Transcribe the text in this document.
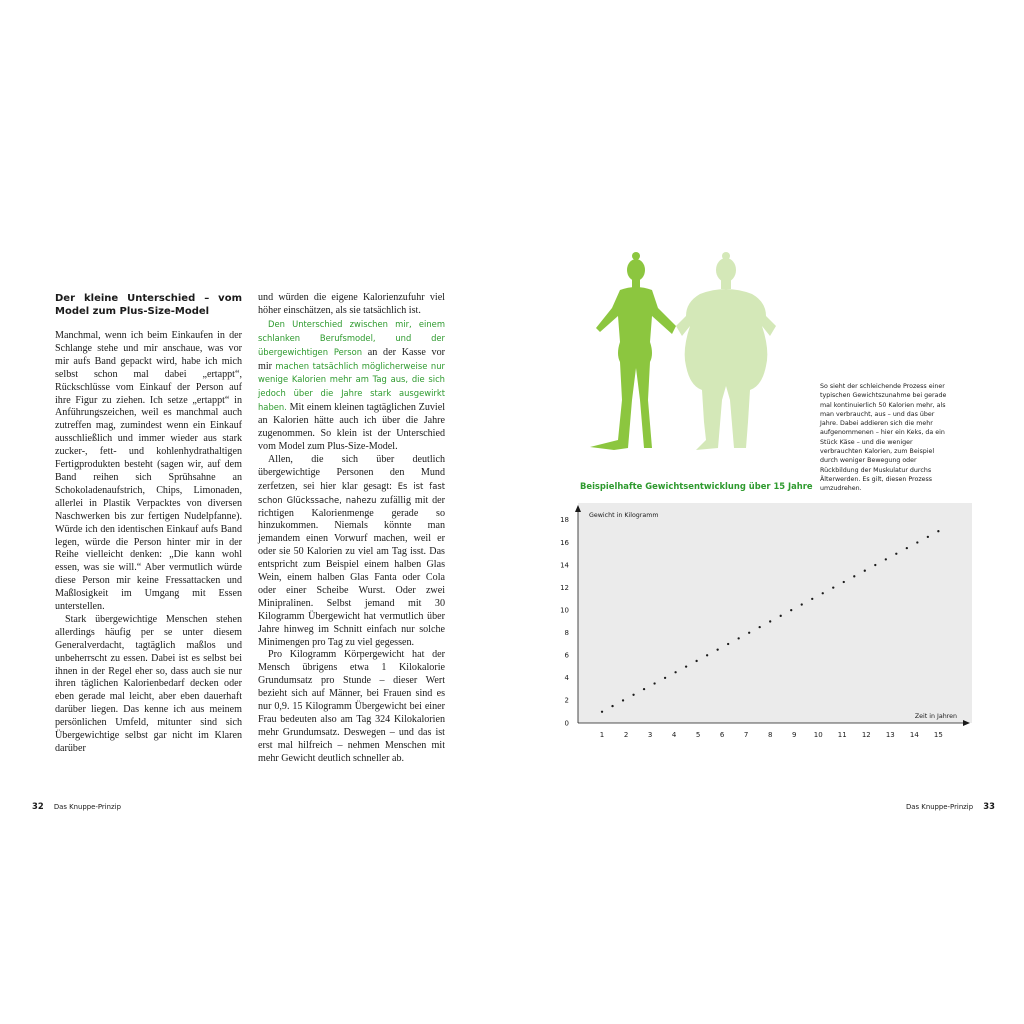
Der kleine Unterschied – vom Model zum Plus-Size-Model

Manchmal, wenn ich beim Einkaufen in der Schlange stehe und mir anschaue, was vor mir aufs Band gepackt wird, habe ich mich selbst schon mal dabei „ertappt“, Rückschlüsse vom Einkauf der Person auf ihre Figur zu ziehen. Ich setze „ertappt“ in Anführungszeichen, weil es manchmal auch zutreffen mag, zumindest wenn ein Einkauf ausschließlich und immer wieder aus stark zucker-, fett- und kohlenhydrathaltigen Fertigprodukten besteht (sagen wir, auf dem Band reihen sich Sprühsahne an Schokoladenaufstrich, Chips, Limonaden, allerlei in Plastik Verpacktes von diversen Naschwerken bis zur fertigen Nudelpfanne). Würde ich den identischen Einkauf aufs Band legen, würde die Person hinter mir in der Reihe vielleicht denken: „Die kann wohl essen, was sie will.“ Aber vermutlich würde diese Person mir keine Fressattacken und Maßlosigkeit im Umgang mit Essen unterstellen.

Stark übergewichtige Menschen stehen allerdings häufig per se unter diesem Generalverdacht, tagtäglich maßlos und unbeherrscht zu essen. Dabei ist es selbst bei ihnen in der Regel eher so, dass auch sie nur ihren täglichen Kalorienbedarf decken oder eben gerade mal leicht, aber eben dauerhaft darüber liegen. Das kenne ich aus meinem persönlichen Umfeld, mitunter sind sich Übergewichtige selbst gar nicht im Klaren darüber

und würden die eigene Kalorienzufuhr viel höher einschätzen, als sie tatsächlich ist.

Den Unterschied zwischen mir, einem schlanken Berufsmodel, und der übergewichtigen Person an der Kasse vor mir machen tatsächlich möglicherweise nur wenige Kalorien mehr am Tag aus, die sich jedoch über die Jahre stark ausgewirkt haben. Mit einem kleinen tagtäglichen Zuviel an Kalorien hätte auch ich über die Jahre zugenommen. So klein ist der Unterschied vom Model zum Plus-Size-Model.

Allen, die sich über deutlich übergewichtige Personen den Mund zerfetzen, sei hier klar gesagt: Es ist fast schon Glückssache, nahezu zufällig mit der richtigen Kalorienmenge gerade so hinzukommen. Niemals könnte man jemandem einen Vorwurf machen, weil er oder sie 50 Kalorien zu viel am Tag isst. Das entspricht zum Beispiel einem halben Glas Wein, einem halben Glas Fanta oder Cola oder einer Scheibe Wurst. Oder zwei Minipralinen. Selbst jemand mit 30 Kilogramm Übergewicht hat vermutlich über Jahre hinweg im Schnitt einfach nur solche Minimengen pro Tag zu viel gegessen.

Pro Kilogramm Körpergewicht hat der Mensch übrigens etwa 1 Kilokalorie Grundumsatz pro Stunde – dieser Wert bezieht sich auf Männer, bei Frauen sind es nur 0,9. 15 Kilogramm Übergewicht bei einer Frau bedeuten also am Tag 324 Kilokalorien mehr Grundumsatz. Deswegen – und das ist erst mal hilfreich – nehmen Menschen mit mehr Gewicht deutlich schneller ab.

So sieht der schleichende Prozess einer typischen Gewichtszunahme bei gerade mal kontinuierlich 50 Kalorien mehr, als man verbraucht, aus – und das über Jahre. Dabei addieren sich die mehr aufgenommenen – hier ein Keks, da ein Stück Käse – und die weniger verbrauchten Kalorien, zum Beispiel durch weniger Bewegung oder Rückbildung der Muskulatur durchs Älterwerden. Es gilt, diesen Prozess umzudrehen.
Beispielhafte Gewichtsentwicklung über 15 Jahre
Gewicht in Kilogramm
Zeit in Jahren
0
2
4
6
8
10
12
14
16
18
1	2	3	4	5	6	7	8	9 10 11 12 13 14 15
32 Das Knuppe-Prinzip	Das Knuppe-Prinzip 33
